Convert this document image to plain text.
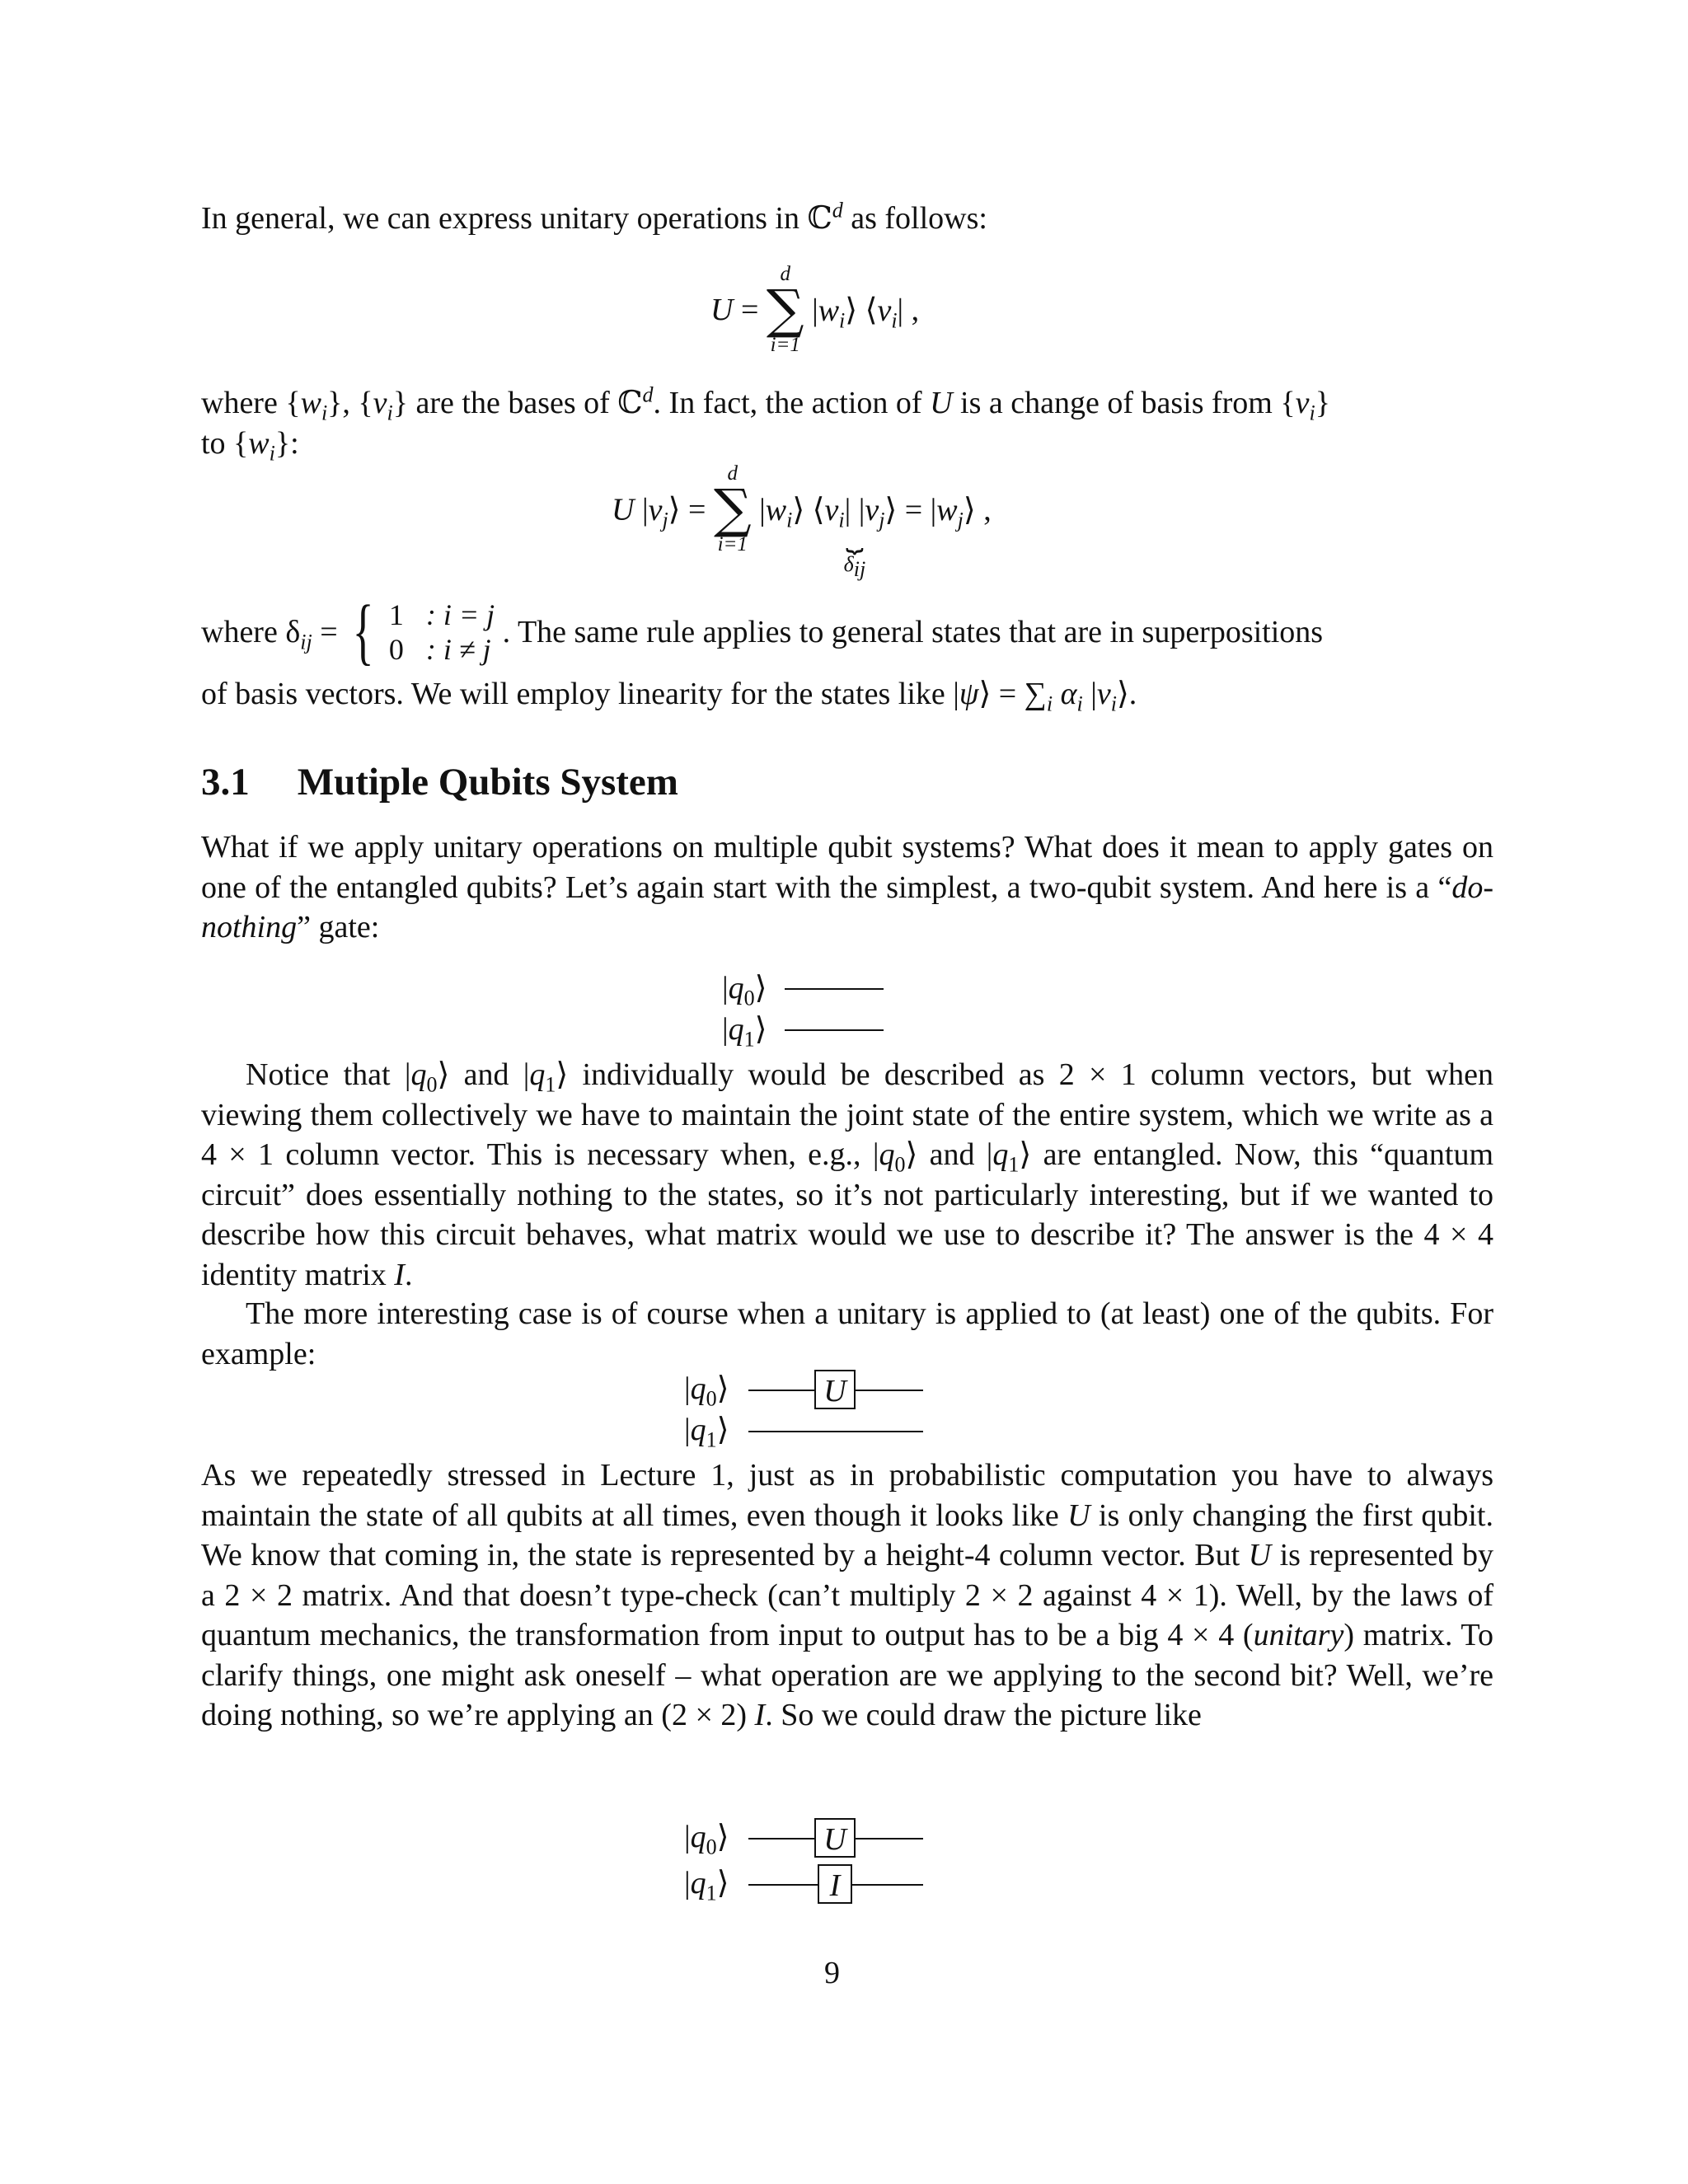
In general, we can express unitary operations in ℂ$^d$ as follows:
U =
d
∑
i=1
$|w_i⟩$ $⟨v_i|$ ,
where $\{w_i\}$, $\{v_i\}$ are the bases of ℂ$^d$. In fact, the action of U is a change of basis from $\{v_i\}$
to $\{w_i\}$:
U $|v_j⟩$ =
d
∑
i=1
$|w_i⟩$ $⟨v_i|$ $|v_j⟩$
⏟
$\delta_{ij}$
= $|w_j⟩$ ,
where $\delta_{ij}$ = { 1 : i = j
0 : i ≠ j . The same rule applies to general states that are in superpositions
of basis vectors. We will employ linearity for the states like |ψ⟩ = $\sum_i$ $\alpha_i$ $|v_i⟩$.
3.1 Mutiple Qubits System
What if we apply unitary operations on multiple qubit systems? What does it mean to apply gates on one of the entangled qubits? Let’s again start with the simplest, a two-qubit system. And here is a “do-nothing” gate:
$|q_0⟩$
$|q_1⟩$
Notice that $|q_0⟩$ and $|q_1⟩$ individually would be described as 2 × 1 column vectors, but when viewing them collectively we have to maintain the joint state of the entire system, which we write as a 4 × 1 column vector. This is necessary when, e.g., $|q_0⟩$ and $|q_1⟩$ are entangled. Now, this “quantum circuit” does essentially nothing to the states, so it’s not particularly interesting, but if we wanted to describe how this circuit behaves, what matrix would we use to describe it? The answer is the 4 × 4 identity matrix I.
The more interesting case is of course when a unitary is applied to (at least) one of the qubits. For example:
$|q_0⟩$	U
$|q_1⟩$
As we repeatedly stressed in Lecture 1, just as in probabilistic computation you have to always maintain the state of all qubits at all times, even though it looks like U is only changing the first qubit. We know that coming in, the state is represented by a height-4 column vector. But U is represented by a 2 × 2 matrix. And that doesn’t type-check (can’t multiply 2 × 2 against 4 × 1). Well, by the laws of quantum mechanics, the transformation from input to output has to be a big 4 × 4 (unitary) matrix. To clarify things, one might ask oneself – what operation are we applying to the second bit? Well, we’re doing nothing, so we’re applying an (2 × 2) I. So we could draw the picture like
$|q_0⟩$	U
$|q_1⟩$	I
9
